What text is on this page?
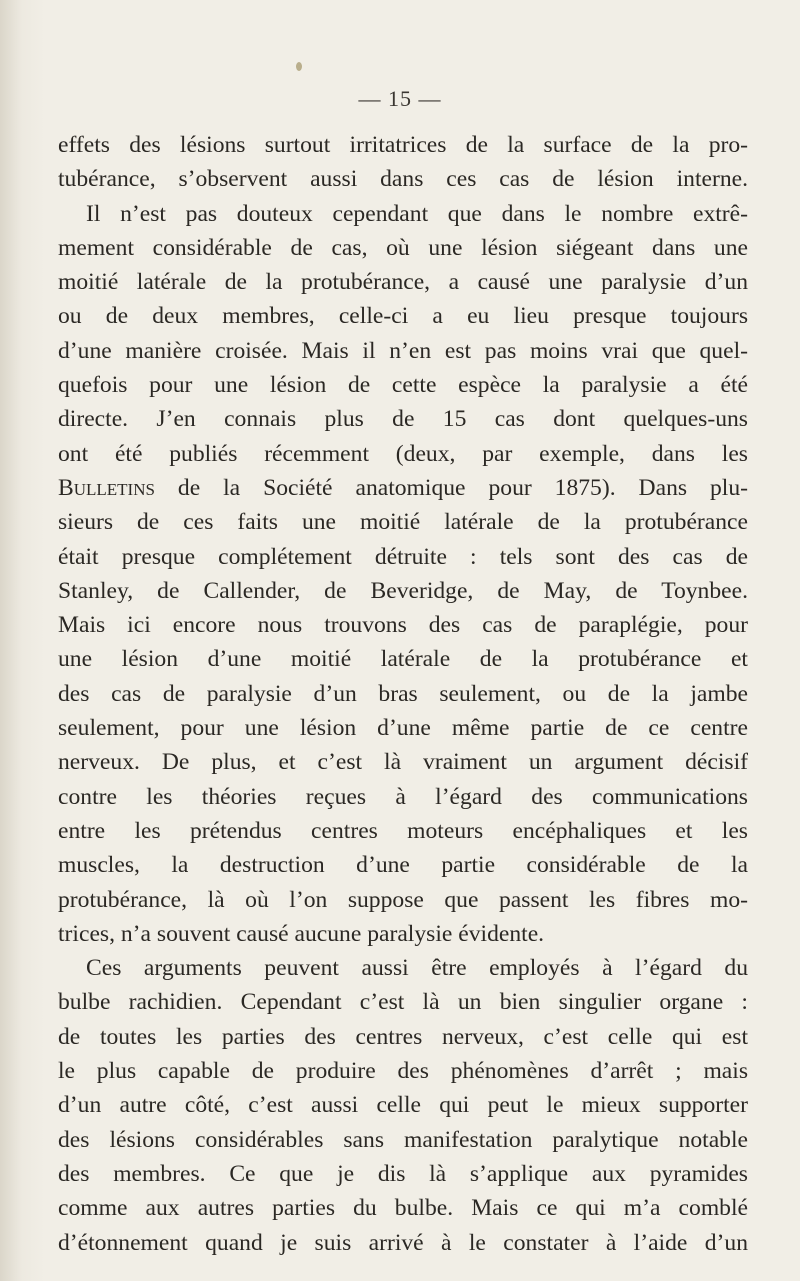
— 15 —
effets des lésions surtout irritatrices de la surface de la pro-
tubérance, s’observent aussi dans ces cas de lésion interne.
Il n’est pas douteux cependant que dans le nombre extrê-
mement considérable de cas, où une lésion siégeant dans une
moitié latérale de la protubérance, a causé une paralysie d’un
ou de deux membres, celle-ci a eu lieu presque toujours
d’une manière croisée. Mais il n’en est pas moins vrai que quel-
quefois pour une lésion de cette espèce la paralysie a été
directe. J’en connais plus de 15 cas dont quelques-uns
ont été publiés récemment (deux, par exemple, dans les
Bulletins de la Société anatomique pour 1875). Dans plu-
sieurs de ces faits une moitié latérale de la protubérance
était presque complétement détruite : tels sont des cas de
Stanley, de Callender, de Beveridge, de May, de Toynbee.
Mais ici encore nous trouvons des cas de paraplégie, pour
une lésion d’une moitié latérale de la protubérance et
des cas de paralysie d’un bras seulement, ou de la jambe
seulement, pour une lésion d’une même partie de ce centre
nerveux. De plus, et c’est là vraiment un argument décisif
contre les théories reçues à l’égard des communications
entre les prétendus centres moteurs encéphaliques et les
muscles, la destruction d’une partie considérable de la
protubérance, là où l’on suppose que passent les fibres mo-
trices, n’a souvent causé aucune paralysie évidente.
Ces arguments peuvent aussi être employés à l’égard du
bulbe rachidien. Cependant c’est là un bien singulier organe :
de toutes les parties des centres nerveux, c’est celle qui est
le plus capable de produire des phénomènes d’arrêt ; mais
d’un autre côté, c’est aussi celle qui peut le mieux supporter
des lésions considérables sans manifestation paralytique notable
des membres. Ce que je dis là s’applique aux pyramides
comme aux autres parties du bulbe. Mais ce qui m’a comblé
d’étonnement quand je suis arrivé à le constater à l’aide d’un
